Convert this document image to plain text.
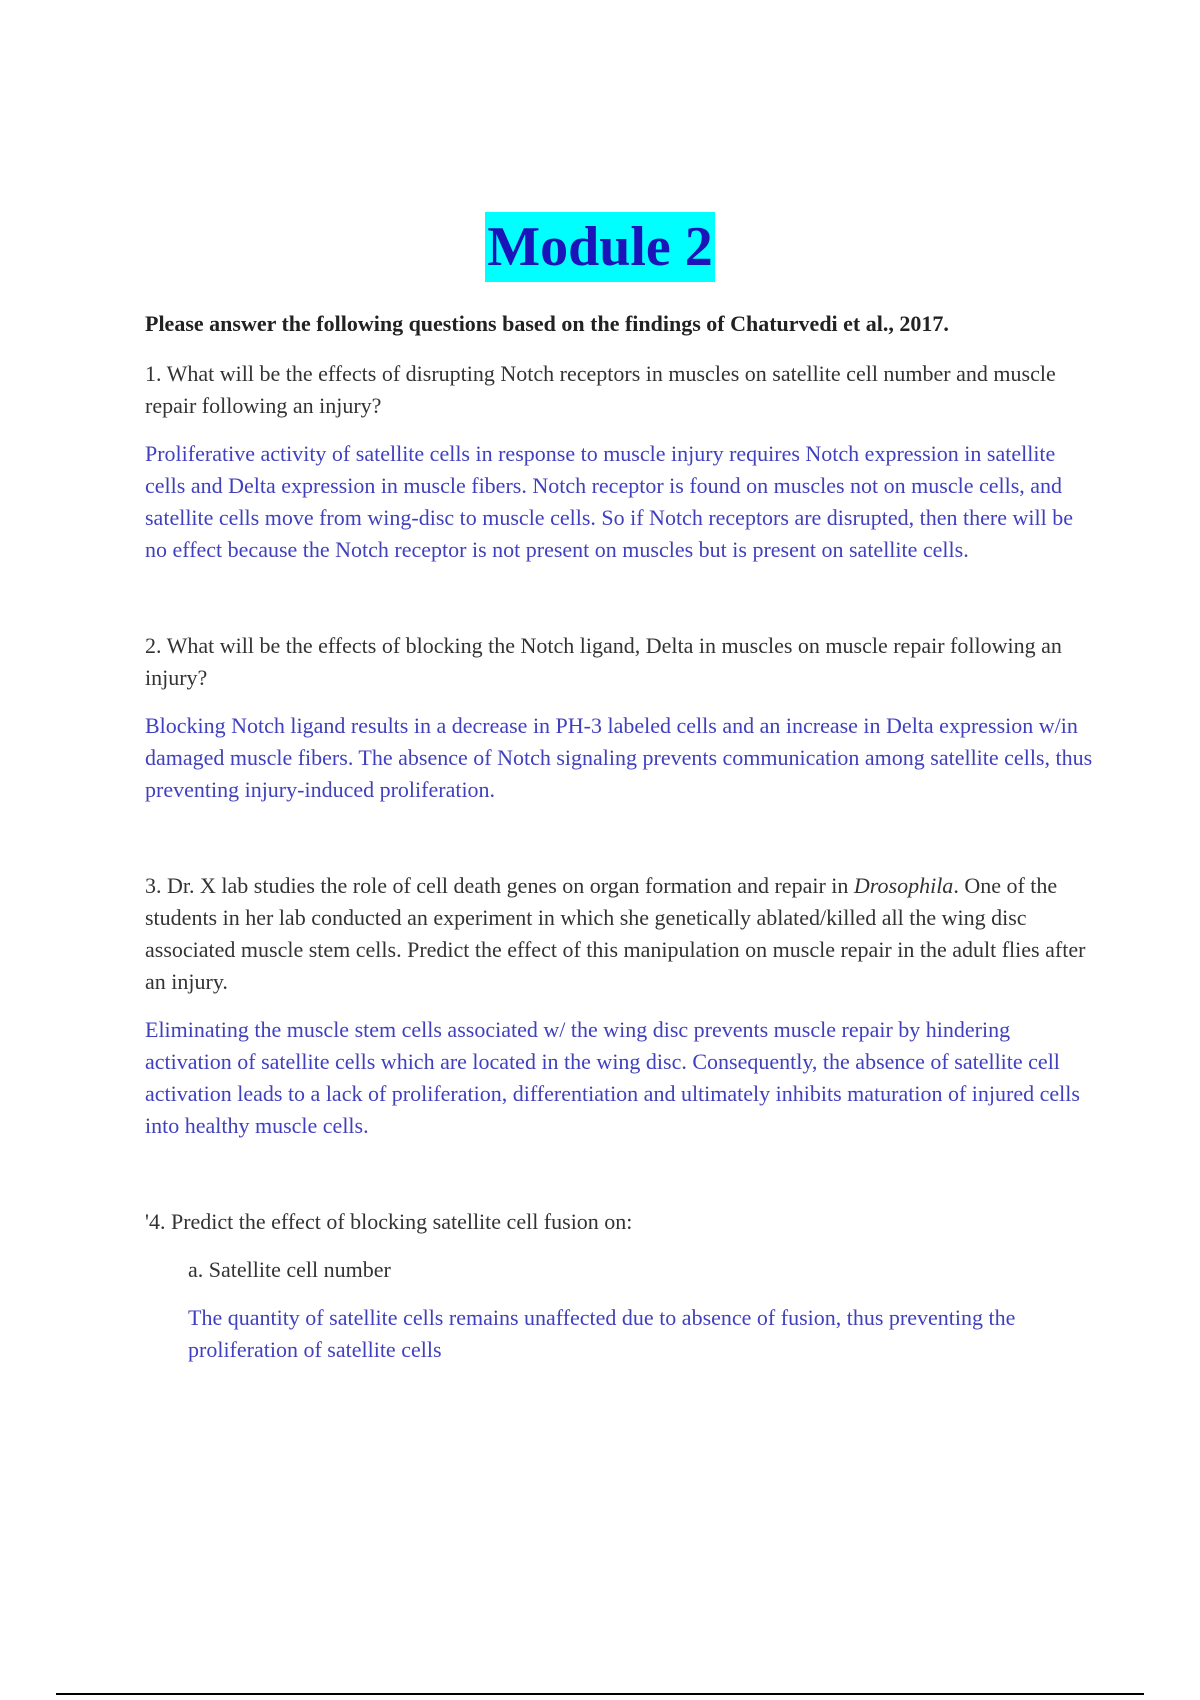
Module 2

Please answer the following questions based on the findings of Chaturvedi et al., 2017.

1. What will be the effects of disrupting Notch receptors in muscles on satellite cell number and muscle repair following an injury?

Proliferative activity of satellite cells in response to muscle injury requires Notch expression in satellite cells and Delta expression in muscle fibers. Notch receptor is found on muscles not on muscle cells, and satellite cells move from wing-disc to muscle cells. So if Notch receptors are disrupted, then there will be no effect because the Notch receptor is not present on muscles but is present on satellite cells.

2. What will be the effects of blocking the Notch ligand, Delta in muscles on muscle repair following an injury?

Blocking Notch ligand results in a decrease in PH-3 labeled cells and an increase in Delta expression w/in damaged muscle fibers. The absence of Notch signaling prevents communication among satellite cells, thus preventing injury-induced proliferation.

3. Dr. X lab studies the role of cell death genes on organ formation and repair in Drosophila. One of the students in her lab conducted an experiment in which she genetically ablated/killed all the wing disc associated muscle stem cells. Predict the effect of this manipulation on muscle repair in the adult flies after an injury.

Eliminating the muscle stem cells associated w/ the wing disc prevents muscle repair by hindering activation of satellite cells which are located in the wing disc. Consequently, the absence of satellite cell activation leads to a lack of proliferation, differentiation and ultimately inhibits maturation of injured cells into healthy muscle cells.

'4. Predict the effect of blocking satellite cell fusion on:

a. Satellite cell number

The quantity of satellite cells remains unaffected due to absence of fusion, thus preventing the proliferation of satellite cells
